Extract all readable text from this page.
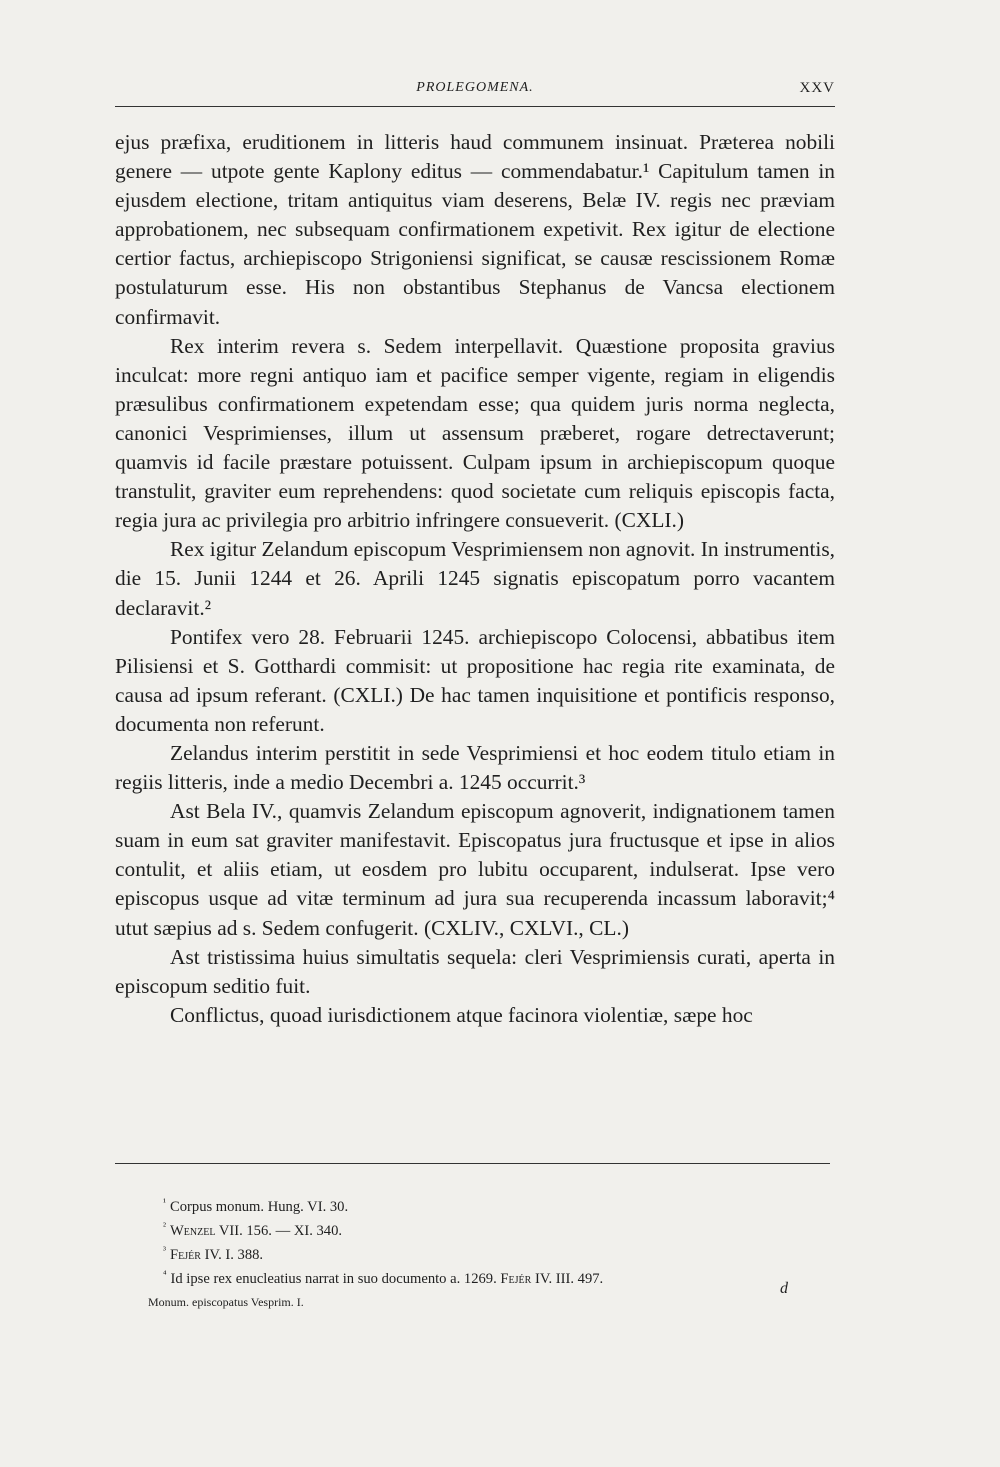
PROLEGOMENA.	XXV

ejus præfixa, eruditionem in litteris haud communem insinuat. Præterea nobili genere — utpote gente Kaplony editus — commendabatur.¹ Capitulum tamen in ejusdem electione, tritam antiquitus viam deserens, Belæ IV. regis nec præviam approbationem, nec subsequam confirmationem expetivit. Rex igitur de electione certior factus, archiepiscopo Strigoniensi significat, se causæ rescissionem Romæ postulaturum esse. His non obstantibus Stephanus de Vancsa electionem confirmavit.

Rex interim revera s. Sedem interpellavit. Quæstione proposita gravius inculcat: more regni antiquo iam et pacifice semper vigente, regiam in eligendis præsulibus confirmationem expetendam esse; qua quidem juris norma neglecta, canonici Vesprimienses, illum ut assensum præberet, rogare detrectaverunt; quamvis id facile præstare potuissent. Culpam ipsum in archiepiscopum quoque transtulit, graviter eum reprehendens: quod societate cum reliquis episcopis facta, regia jura ac privilegia pro arbitrio infringere consueverit. (CXLI.)

Rex igitur Zelandum episcopum Vesprimiensem non agnovit. In instrumentis, die 15. Junii 1244 et 26. Aprili 1245 signatis episcopatum porro vacantem declaravit.²

Pontifex vero 28. Februarii 1245. archiepiscopo Colocensi, abbatibus item Pilisiensi et S. Gotthardi commisit: ut propositione hac regia rite examinata, de causa ad ipsum referant. (CXLI.) De hac tamen inquisitione et pontificis responso, documenta non referunt.

Zelandus interim perstitit in sede Vesprimiensi et hoc eodem titulo etiam in regiis litteris, inde a medio Decembri a. 1245 occurrit.³

Ast Bela IV., quamvis Zelandum episcopum agnoverit, indignationem tamen suam in eum sat graviter manifestavit. Episcopatus jura fructusque et ipse in alios contulit, et aliis etiam, ut eosdem pro lubitu occuparent, indulserat. Ipse vero episcopus usque ad vitæ terminum ad jura sua recuperenda incassum laboravit;⁴ utut sæpius ad s. Sedem confugerit. (CXLIV., CXLVI., CL.)

Ast tristissima huius simultatis sequela: cleri Vesprimiensis curati, aperta in episcopum seditio fuit.

Conflictus, quoad iurisdictionem atque facinora violentiæ, sæpe hoc

$^{^1}$ Corpus monum. Hung. VI. 30.
$^{^2}$ Wenzel VII. 156. — XI. 340.
$^{^3}$ Fejér IV. I. 388.
$^{^4}$ Id ipse rex enucleatius narrat in suo documento a. 1269. Fejér IV. III. 497.
Monum. episcopatus Vesprim. I.
d
